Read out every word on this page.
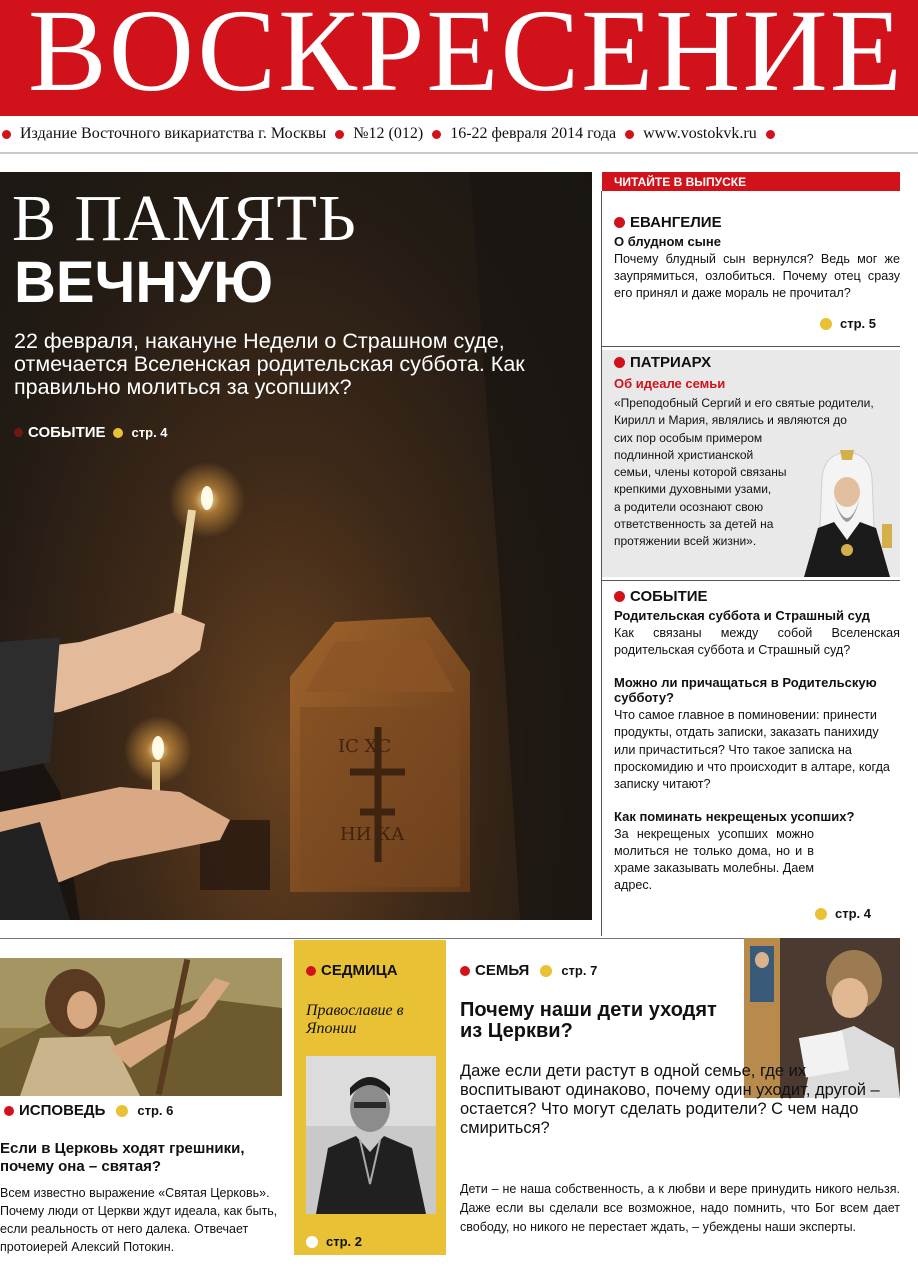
ВОСКРЕСЕНИЕ
Издание Восточного викариатства г. Москвы №12 (012) 16-22 февраля 2014 года www.vostokvk.ru
IС ХС
НИ КА
В ПАМЯТЬ
ВЕЧНУЮ
22 февраля, накануне Недели о Страшном суде, отмечается Вселенская родительская суббота. Как правильно молиться за усопших?
СОБЫТИЕ стр. 4
ЧИТАЙТЕ В ВЫПУСКЕ
ЕВАНГЕЛИЕ
О блудном сыне
Почему блудный сын вернулся? Ведь мог же заупрямиться, озлобиться. Почему отец сразу его принял и даже мораль не прочитал?
стр. 5
ПАТРИАРХ
Об идеале семьи
«Преподобный Сергий и его святые родители,
Кирилл и Мария, являлись и являются до
сих пор особым примером
подлинной христианской
семьи, члены которой связаны
крепкими духовными узами,
а родители осознают свою
ответственность за детей на
протяжении всей жизни».
СОБЫТИЕ
Родительская суббота и Страшный суд
Как связаны между собой Вселенская родительская суббота и Страшный суд?
Можно ли причащаться в Родительскую субботу?
Что самое главное в поминовении: принести продукты, отдать записки, заказать панихиду или причаститься? Что такое записка на проскомидию и что происходит в алтаре, когда записку читают?
Как поминать некрещеных усопших?
За некрещеных усопших можно молиться не только дома, но и в храме заказывать молебны. Даем адрес.
стр. 4
ИСПОВЕДЬ стр. 6
Если в Церковь ходят грешники, почему она – святая?
Всем известно выражение «Святая Церковь». Почему люди от Церкви ждут идеала, как быть, если реальность от него далека. Отвечает протоиерей Алексий Потокин.
СЕДМИЦА
Православие в Японии
стр. 2
СЕМЬЯ стр. 7
Почему наши дети уходят из Церкви?
Даже если дети растут в одной семье, где их воспитывают одинаково, почему один уходит, другой – остается? Что могут сделать родители? С чем надо смириться?
Дети – не наша собственность, а к любви и вере принудить никого нельзя. Даже если вы сделали все возможное, надо помнить, что Бог всем дает свободу, но никого не перестает ждать, – убеждены наши эксперты.
